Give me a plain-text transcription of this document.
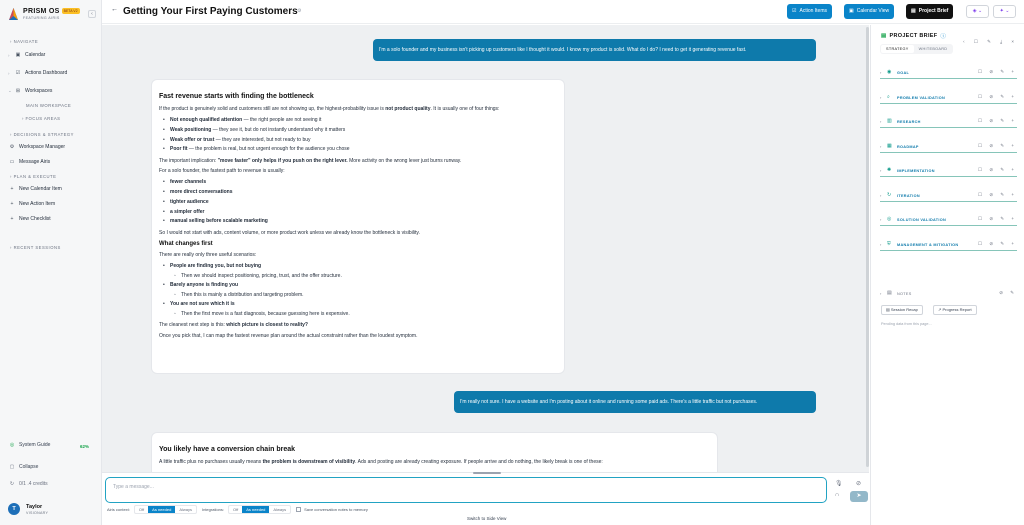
PRISM OS BETA V2
FEATURING AIRIS
‹
› NAVIGATE
›	▣ Calendar
›	☑ Actions Dashboard
⌄ ⊞ Workspaces
MAIN WORKSPACE
› FOCUS AREAS
› DECISIONS & STRATEGY
⚙ Workspace Manager
▭ Message Airis
› PLAN & EXECUTE
+	New Calendar Item
+	New Action Item
+	New Checklist
› RECENT SESSIONS
◎ System Guide	62%
▢ Collapse
↻ 0/1 .4 credits
T	Taylor
VISIONARY
← Getting Your First Paying Customers ⚙	☑ Action Items	▣ Calendar View	▤ Project Brief	◈ ⌄	✦ ⌄
I'm a solo founder and my business isn't picking up customers like I thought it would. I know my product is solid. What do I do? I need to get it generating revenue fast.
Fast revenue starts with finding the bottleneck

If the product is genuinely solid and customers still are not showing up, the highest-probability issue is not product quality. It is usually one of four things:

• Not enough qualified attention — the right people are not seeing it
• Weak positioning — they see it, but do not instantly understand why it matters
• Weak offer or trust — they are interested, but not ready to buy
• Poor fit — the problem is real, but not urgent enough for the audience you chose

The important implication: "move faster" only helps if you push on the right lever. More activity on the wrong lever just burns runway.

For a solo founder, the fastest path to revenue is usually:

• fewer channels
• more direct conversations
• tighter audience
• a simpler offer
• manual selling before scalable marketing

So I would not start with ads, content volume, or more product work unless we already know the bottleneck is visibility.

What changes first

There are really only three useful scenarios:

• People are finding you, but not buying
◦ Then we should inspect positioning, pricing, trust, and the offer structure.
• Barely anyone is finding you
◦ Then this is mainly a distribution and targeting problem.
• You are not sure which it is
◦ Then the first move is a fast diagnosis, because guessing here is expensive.

The cleanest next step is this: which picture is closest to reality?

Once you pick that, I can map the fastest revenue plan around the actual constraint rather than the loudest symptom.

I'm really not sure. I have a website and I'm posting about it online and running some paid ads. There's a little traffic but not purchases.
You likely have a conversion chain break

A little traffic plus no purchases usually means the problem is downstream of visibility. Ads and posting are already creating exposure. If people arrive and do nothing, the likely break is one of these:

Type a message...	🎙 ⊘
∩	➤
Airis context:	Off	As needed	Always	Integrations:	Off	As needed	Always	Save conversation notes to memory
Switch to Side View
▤ PROJECT BRIEF ⓘ
‹ ☐ ✎ ⤓ ×
STRATEGY	WHITEBOARD
› ◉ GOAL	☐ ⊘ ✎ +
› ⌕ PROBLEM VALIDATION	☐ ⊘ ✎ +
› ▥ RESEARCH	☐ ⊘ ✎ +
› ▦ ROADMAP	☐ ⊘ ✎ +
› ✺ IMPLEMENTATION	☐ ⊘ ✎ +
› ↻ ITERATION	☐ ⊘ ✎ +
› ◎ SOLUTION VALIDATION	☐ ⊘ ✎ +
› ⛨ MANAGEMENT & MITIGATION	☐ ⊘ ✎ +
› ▤ NOTES	⊘ ✎
▤ Session Recap	↗ Progress Report
Pending data from this page...
